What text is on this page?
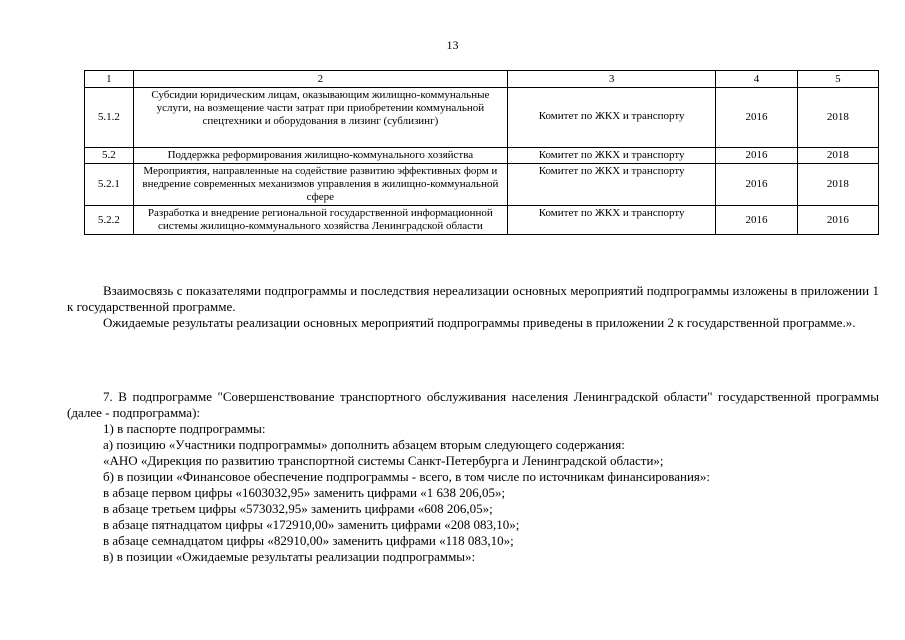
13
1	2	3	4	5
5.1.2	Субсидии юридическим лицам, оказывающим жилищно-коммунальные услуги, на возмещение части затрат при приобретении коммунальной спецтехники и оборудования в лизинг (сублизинг)	Комитет по ЖКХ и транспорту	2016	2018
5.2	Поддержка реформирования жилищно-коммунального хозяйства	Комитет по ЖКХ и транспорту	2016	2018
5.2.1	Мероприятия, направленные на содействие развитию эффективных форм и внедрение современных механизмов управления в жилищно-коммунальной сфере	Комитет по ЖКХ и транспорту	2016	2018
5.2.2	Разработка и внедрение региональной государственной информационной системы жилищно-коммунального хозяйства Ленинградской области	Комитет по ЖКХ и транспорту	2016	2016

Взаимосвязь с показателями подпрограммы и последствия нереализации основных мероприятий подпрограммы изложены в приложении 1 к государственной программе.

Ожидаемые результаты реализации основных мероприятий подпрограммы приведены в приложении 2 к государственной программе.».

7. В подпрограмме "Совершенствование транспортного обслуживания населения Ленинградской области" государственной программы (далее - подпрограмма):

1) в паспорте подпрограммы:

а) позицию «Участники подпрограммы» дополнить абзацем вторым следующего содержания:

«АНО «Дирекция по развитию транспортной системы Санкт-Петербурга и Ленинградской области»;

б) в позиции «Финансовое обеспечение подпрограммы - всего, в том числе по источникам финансирования»:

в абзаце первом цифры «1603032,95» заменить цифрами «1 638 206,05»;

в абзаце третьем цифры «573032,95» заменить цифрами «608 206,05»;

в абзаце пятнадцатом цифры «172910,00» заменить цифрами «208 083,10»;

в абзаце семнадцатом цифры «82910,00» заменить цифрами «118 083,10»;

в) в позиции «Ожидаемые результаты реализации подпрограммы»:
